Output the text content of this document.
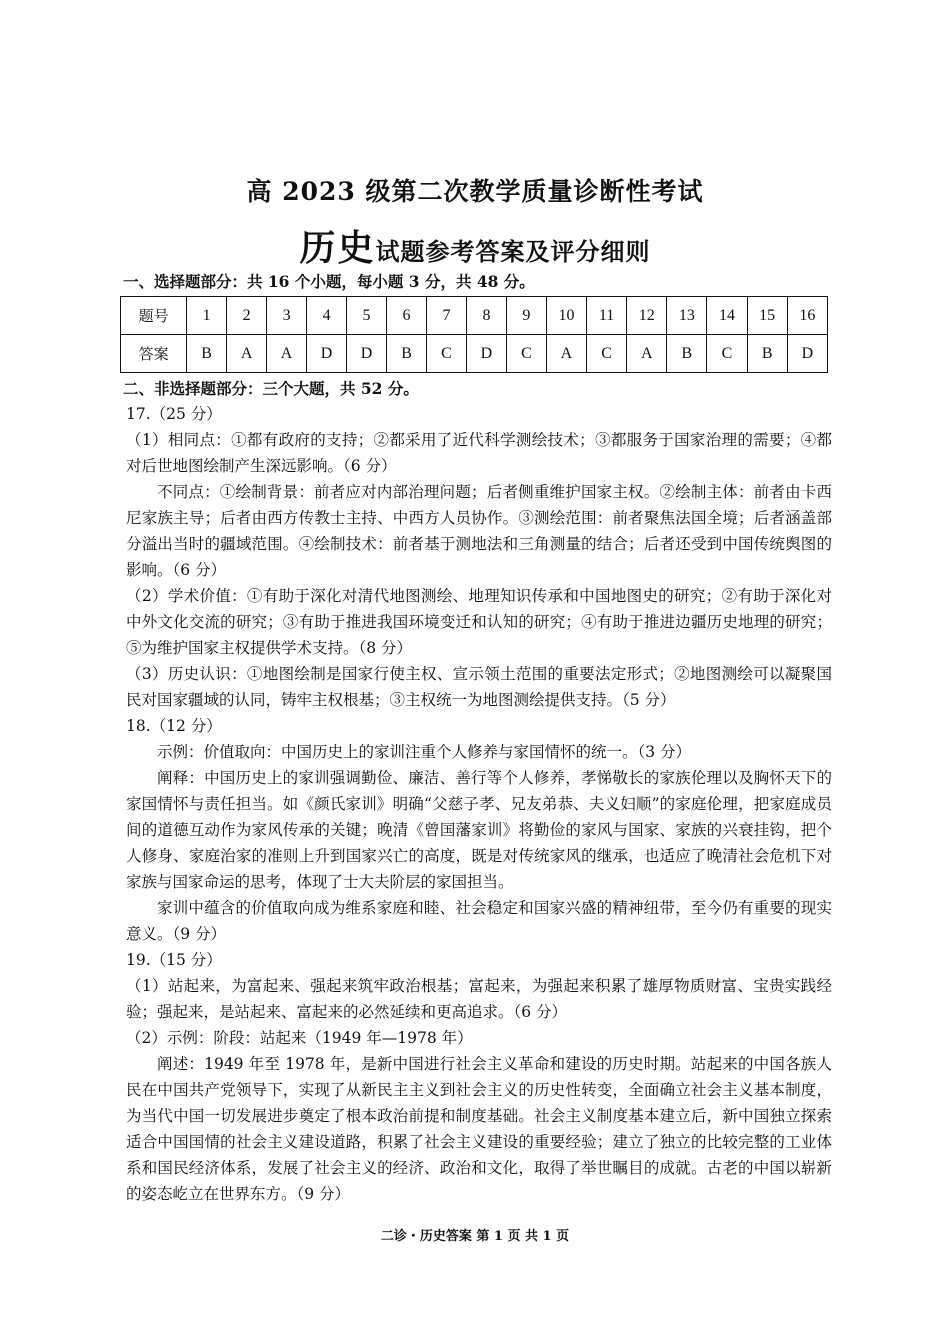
高 2023 级第二次教学质量诊断性考试
历史试题参考答案及评分细则
一、选择题部分：共 16 个小题，每小题 3 分，共 48 分。
题号	1	2	3	4	5	6	7	8	9	10	11	12	13	14	15	16
答案	B	A	A	D	D	B	C	D	C	A	C	A	B	C	B	D
二、非选择题部分：三个大题，共 52 分。

17.（25 分）

（1）相同点：①都有政府的支持；②都采用了近代科学测绘技术；③都服务于国家治理的需要；④都对后世地图绘制产生深远影响。（6 分）

不同点：①绘制背景：前者应对内部治理问题；后者侧重维护国家主权。②绘制主体：前者由卡西尼家族主导；后者由西方传教士主持、中西方人员协作。③测绘范围：前者聚焦法国全境；后者涵盖部分溢出当时的疆域范围。④绘制技术：前者基于测地法和三角测量的结合；后者还受到中国传统舆图的影响。（6 分）

（2）学术价值：①有助于深化对清代地图测绘、地理知识传承和中国地图史的研究；②有助于深化对中外文化交流的研究；③有助于推进我国环境变迁和认知的研究；④有助于推进边疆历史地理的研究；⑤为维护国家主权提供学术支持。（8 分）

（3）历史认识：①地图绘制是国家行使主权、宣示领土范围的重要法定形式；②地图测绘可以凝聚国民对国家疆域的认同，铸牢主权根基；③主权统一为地图测绘提供支持。（5 分）

18.（12 分）

示例：价值取向：中国历史上的家训注重个人修养与家国情怀的统一。（3 分）

阐释：中国历史上的家训强调勤俭、廉洁、善行等个人修养，孝悌敬长的家族伦理以及胸怀天下的家国情怀与责任担当。如《颜氏家训》明确“父慈子孝、兄友弟恭、夫义妇顺”的家庭伦理，把家庭成员间的道德互动作为家风传承的关键；晚清《曾国藩家训》将勤俭的家风与国家、家族的兴衰挂钩，把个人修身、家庭治家的准则上升到国家兴亡的高度，既是对传统家风的继承，也适应了晚清社会危机下对家族与国家命运的思考，体现了士大夫阶层的家国担当。

家训中蕴含的价值取向成为维系家庭和睦、社会稳定和国家兴盛的精神纽带，至今仍有重要的现实意义。（9 分）

19.（15 分）

（1）站起来，为富起来、强起来筑牢政治根基；富起来，为强起来积累了雄厚物质财富、宝贵实践经验；强起来，是站起来、富起来的必然延续和更高追求。（6 分）

（2）示例：阶段：站起来（1949 年—1978 年）

阐述：1949 年至 1978 年，是新中国进行社会主义革命和建设的历史时期。站起来的中国各族人民在中国共产党领导下，实现了从新民主主义到社会主义的历史性转变，全面确立社会主义基本制度，为当代中国一切发展进步奠定了根本政治前提和制度基础。社会主义制度基本建立后，新中国独立探索适合中国国情的社会主义建设道路，积累了社会主义建设的重要经验；建立了独立的比较完整的工业体系和国民经济体系，发展了社会主义的经济、政治和文化，取得了举世瞩目的成就。古老的中国以崭新的姿态屹立在世界东方。（9 分）

二诊・历史答案 第 1 页 共 1 页
